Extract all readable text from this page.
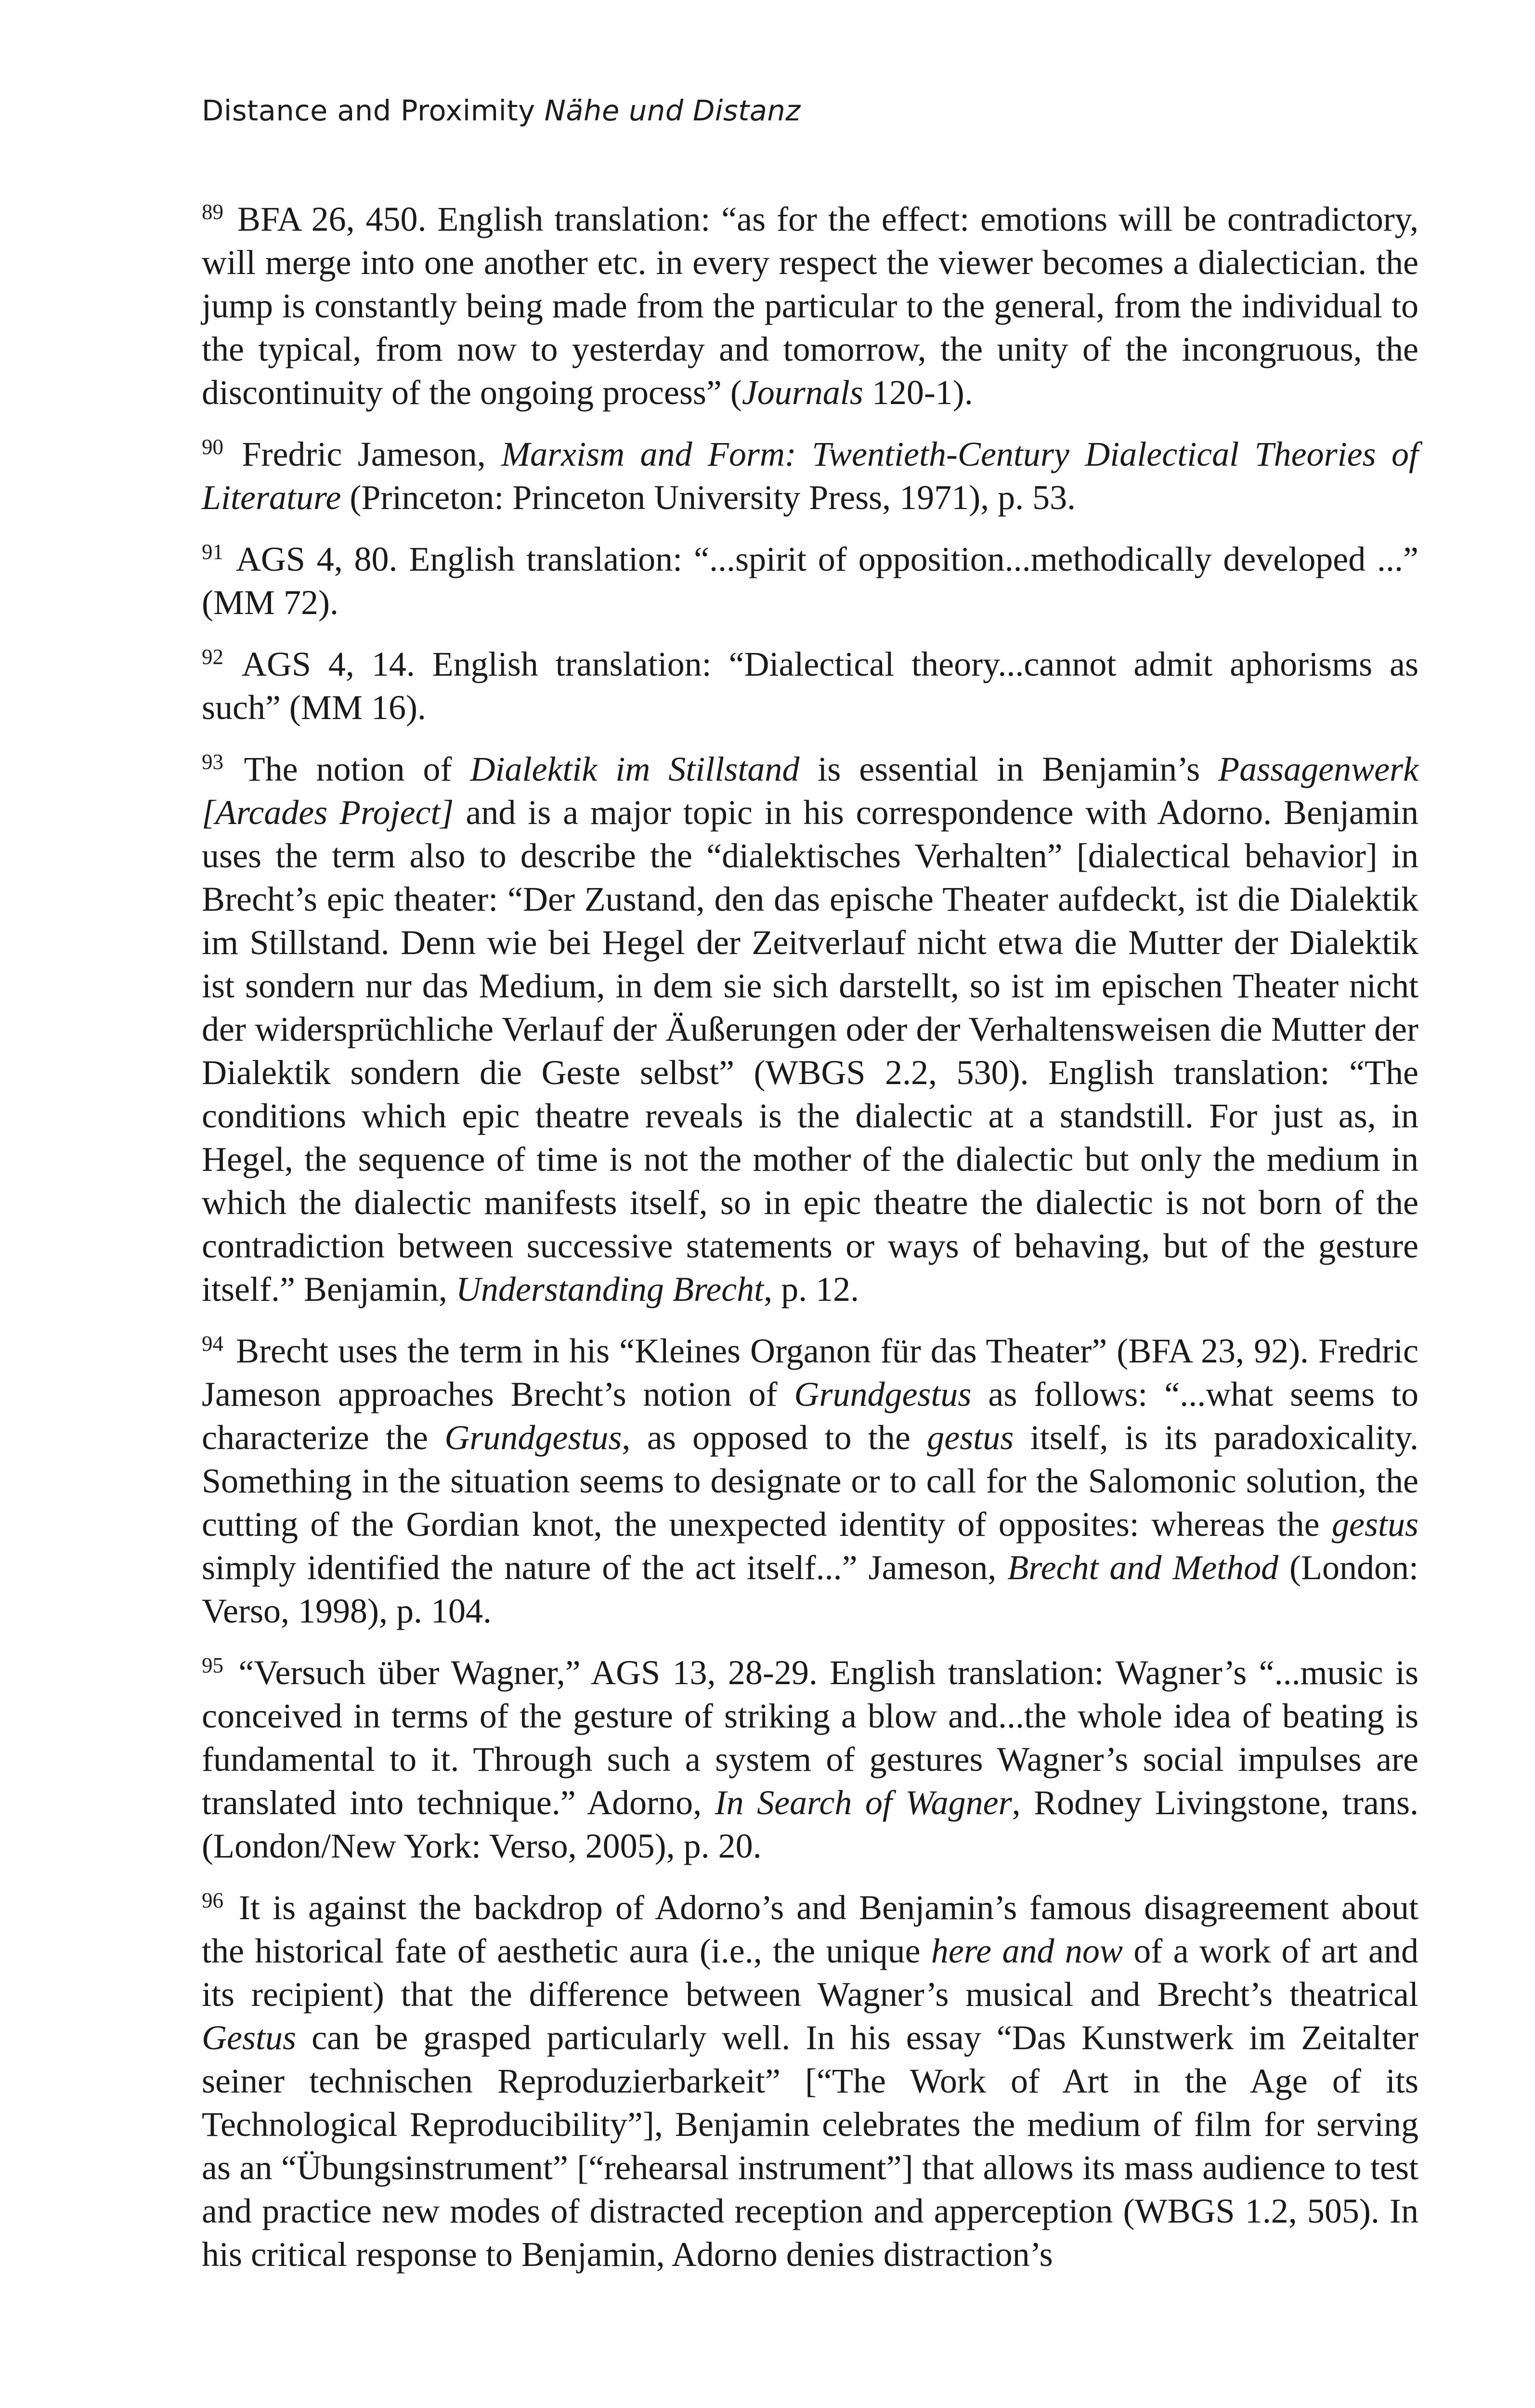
Distance and Proximity Nähe und Distanz

$^{89}$ BFA 26, 450. English translation: “as for the effect: emotions will be contradictory, will merge into one another etc. in every respect the viewer becomes a dialectician. the jump is constantly being made from the particular to the general, from the individual to the typical, from now to yesterday and tomorrow, the unity of the incongruous, the discontinuity of the ongoing process” (Journals 120-1).

$^{90}$ Fredric Jameson, Marxism and Form: Twentieth-Century Dialectical Theories of Literature (Princeton: Princeton University Press, 1971), p. 53.

$^{91}$ AGS 4, 80. English translation: “...spirit of opposition...methodically developed ...” (MM 72).

$^{92}$ AGS 4, 14. English translation: “Dialectical theory...cannot admit aphorisms as such” (MM 16).

$^{93}$ The notion of Dialektik im Stillstand is essential in Benjamin’s Passagenwerk [Arcades Project] and is a major topic in his correspondence with Adorno. Benjamin uses the term also to describe the “dialektisches Verhalten” [dialectical behavior] in Brecht’s epic theater: “Der Zustand, den das epische Theater aufdeckt, ist die Dialektik im Stillstand. Denn wie bei Hegel der Zeitverlauf nicht etwa die Mutter der Dialektik ist sondern nur das Medium, in dem sie sich darstellt, so ist im epischen Theater nicht der widersprüchliche Verlauf der Äußerungen oder der Verhaltensweisen die Mutter der Dialektik sondern die Geste selbst” (WBGS 2.2, 530). English translation: “The conditions which epic theatre reveals is the dialectic at a standstill. For just as, in Hegel, the sequence of time is not the mother of the dialectic but only the medium in which the dialectic manifests itself, so in epic theatre the dialectic is not born of the contradiction between successive statements or ways of behaving, but of the gesture itself.” Benjamin, Understanding Brecht, p. 12.

$^{94}$ Brecht uses the term in his “Kleines Organon für das Theater” (BFA 23, 92). Fredric Jameson approaches Brecht’s notion of Grundgestus as follows: “...what seems to characterize the Grundgestus, as opposed to the gestus itself, is its paradoxicality. Something in the situation seems to designate or to call for the Salomonic solution, the cutting of the Gordian knot, the unexpected identity of opposites: whereas the gestus simply identified the nature of the act itself...” Jameson, Brecht and Method (London: Verso, 1998), p. 104.

$^{95}$ “Versuch über Wagner,” AGS 13, 28-29. English translation: Wagner’s “...music is conceived in terms of the gesture of striking a blow and...the whole idea of beating is fundamental to it. Through such a system of gestures Wagner’s social impulses are translated into technique.” Adorno, In Search of Wagner, Rodney Livingstone, trans. (London/New York: Verso, 2005), p. 20.

$^{96}$ It is against the backdrop of Adorno’s and Benjamin’s famous disagreement about the historical fate of aesthetic aura (i.e., the unique here and now of a work of art and its recipient) that the difference between Wagner’s musical and Brecht’s theatrical Gestus can be grasped particularly well. In his essay “Das Kunstwerk im Zeitalter seiner technischen Reproduzierbarkeit” [“The Work of Art in the Age of its Technological Reproducibility”], Benjamin celebrates the medium of film for serving as an “Übungsinstrument” [“rehearsal instrument”] that allows its mass audience to test and practice new modes of distracted reception and apperception (WBGS 1.2, 505). In his critical response to Benjamin, Adorno denies distraction’s
